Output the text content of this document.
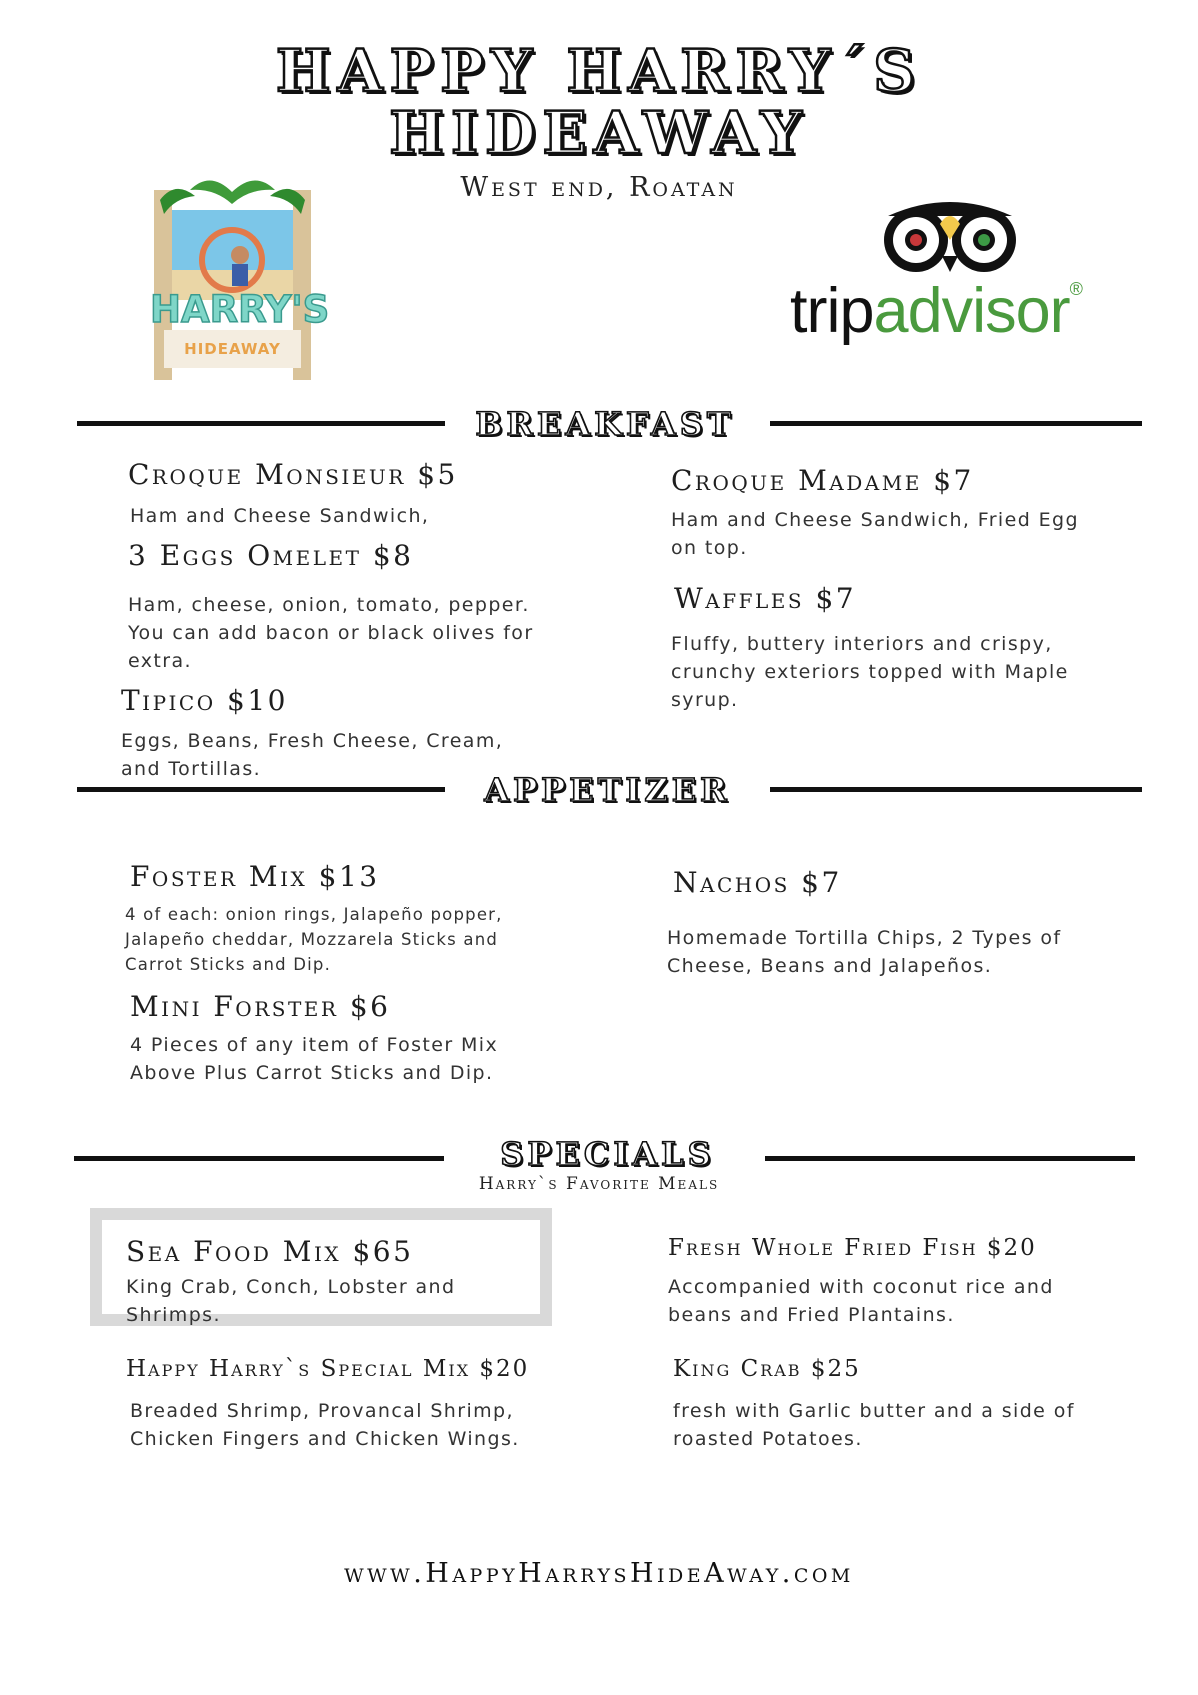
HAPPY HARRY´S
HIDEAWAY
West end, Roatan
HARRY'S
HIDEAWAY
tripadvisor®
BREAKFAST
Croque Monsieur $5
Ham and Cheese Sandwich,
3 Eggs Omelet $8
Ham, cheese, onion, tomato, pepper. You can add bacon or black olives for extra.
Tipico $10
Eggs, Beans, Fresh Cheese, Cream, and Tortillas.
Croque Madame $7
Ham and Cheese Sandwich, Fried Egg on top.
Waffles $7
Fluffy, buttery interiors and crispy, crunchy exteriors topped with Maple syrup.
APPETIZER
Foster Mix $13
4 of each: onion rings, Jalapeño popper, Jalapeño cheddar, Mozzarela Sticks and Carrot Sticks and Dip.
Mini Forster $6
4 Pieces of any item of Foster Mix Above Plus Carrot Sticks and Dip.
Nachos $7
Homemade Tortilla Chips, 2 Types of Cheese, Beans and Jalapeños.
SPECIALS
Harry`s Favorite Meals
Sea Food Mix $65
King Crab, Conch, Lobster and Shrimps.
Happy Harry`s Special Mix $20
Breaded Shrimp, Provancal Shrimp, Chicken Fingers and Chicken Wings.
Fresh Whole Fried Fish $20
Accompanied with coconut rice and beans and Fried Plantains.
King Crab $25
fresh with Garlic butter and a side of roasted Potatoes.
www.HappyHarrysHideAway.com
